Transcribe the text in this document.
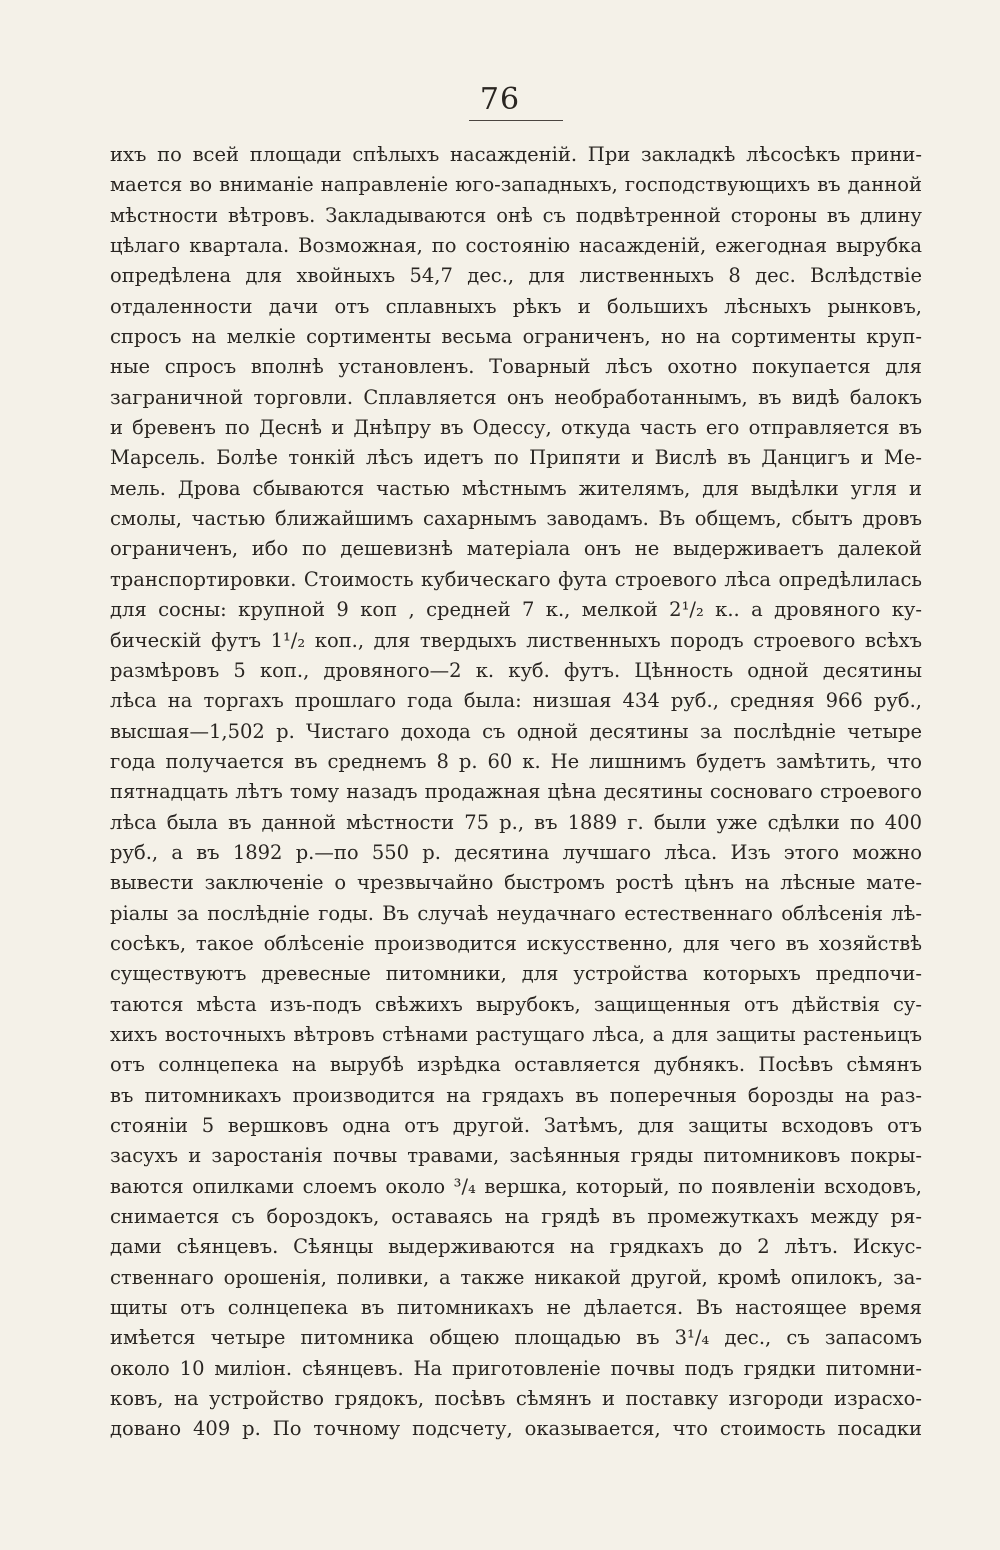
76
ихъ по всей площади спѣлыхъ насажденій. При закладкѣ лѣсосѣкъ прини-
мается во вниманіе направленіе юго-западныхъ, господствующихъ въ данной
мѣстности вѣтровъ. Закладываются онѣ съ подвѣтренной стороны въ длину
цѣлаго квартала. Возможная, по состоянію насажденій, ежегодная вырубка
опредѣлена для хвойныхъ 54,7 дес., для лиственныхъ 8 дес. Вслѣдствіе
отдаленности дачи отъ сплавныхъ рѣкъ и большихъ лѣсныхъ рынковъ,
спросъ на мелкіе сортименты весьма ограниченъ, но на сортименты круп-
ные спросъ вполнѣ установленъ. Товарный лѣсъ охотно покупается для
заграничной торговли. Сплавляется онъ необработаннымъ, въ видѣ балокъ
и бревенъ по Деснѣ и Днѣпру въ Одессу, откуда часть его отправляется въ
Марсель. Болѣе тонкій лѣсъ идетъ по Припяти и Вислѣ въ Данцигъ и Ме-
мель. Дрова сбываются частью мѣстнымъ жителямъ, для выдѣлки угля и
смолы, частью ближайшимъ сахарнымъ заводамъ. Въ общемъ, сбытъ дровъ
ограниченъ, ибо по дешевизнѣ матеріала онъ не выдерживаетъ далекой
транспортировки. Стоимость кубическаго фута строевого лѣса опредѣлилась
для сосны: крупной 9 коп , средней 7 к., мелкой 2¹/₂ к.. а дровяного ку-
бическій футъ 1¹/₂ коп., для твердыхъ лиственныхъ породъ строевого всѣхъ
размѣровъ 5 коп., дровяного—2 к. куб. футъ. Цѣнность одной десятины
лѣса на торгахъ прошлаго года была: низшая 434 руб., средняя 966 руб.,
высшая—1,502 р. Чистаго дохода съ одной десятины за послѣдніе четыре
года получается въ среднемъ 8 р. 60 к. Не лишнимъ будетъ замѣтить, что
пятнадцать лѣтъ тому назадъ продажная цѣна десятины сосноваго строевого
лѣса была въ данной мѣстности 75 р., въ 1889 г. были уже сдѣлки по 400
руб., а въ 1892 р.—по 550 р. десятина лучшаго лѣса. Изъ этого можно
вывести заключеніе о чрезвычайно быстромъ ростѣ цѣнъ на лѣсные мате-
ріалы за послѣдніе годы. Въ случаѣ неудачнаго естественнаго облѣсенія лѣ-
сосѣкъ, такое облѣсеніе производится искусственно, для чего въ хозяйствѣ
существуютъ древесные питомники, для устройства которыхъ предпочи-
таются мѣста изъ-подъ свѣжихъ вырубокъ, защищенныя отъ дѣйствія су-
хихъ восточныхъ вѣтровъ стѣнами растущаго лѣса, а для защиты растеньицъ
отъ солнцепека на вырубѣ изрѣдка оставляется дубнякъ. Посѣвъ сѣмянъ
въ питомникахъ производится на грядахъ въ поперечныя борозды на раз-
стояніи 5 вершковъ одна отъ другой. Затѣмъ, для защиты всходовъ отъ
засухъ и заростанія почвы травами, засѣянныя гряды питомниковъ покры-
ваются опилками слоемъ около ³/₄ вершка, который, по появленіи всходовъ,
снимается съ бороздокъ, оставаясь на грядѣ въ промежуткахъ между ря-
дами сѣянцевъ. Сѣянцы выдерживаются на грядкахъ до 2 лѣтъ. Искус-
ственнаго орошенія, поливки, а также никакой другой, кромѣ опилокъ, за-
щиты отъ солнцепека въ питомникахъ не дѣлается. Въ настоящее время
имѣется четыре питомника общею площадью въ 3¹/₄ дес., съ запасомъ
около 10 миліон. сѣянцевъ. На приготовленіе почвы подъ грядки питомни-
ковъ, на устройство грядокъ, посѣвъ сѣмянъ и поставку изгороди израсхо-
довано 409 р. По точному подсчету, оказывается, что стоимость посадки
